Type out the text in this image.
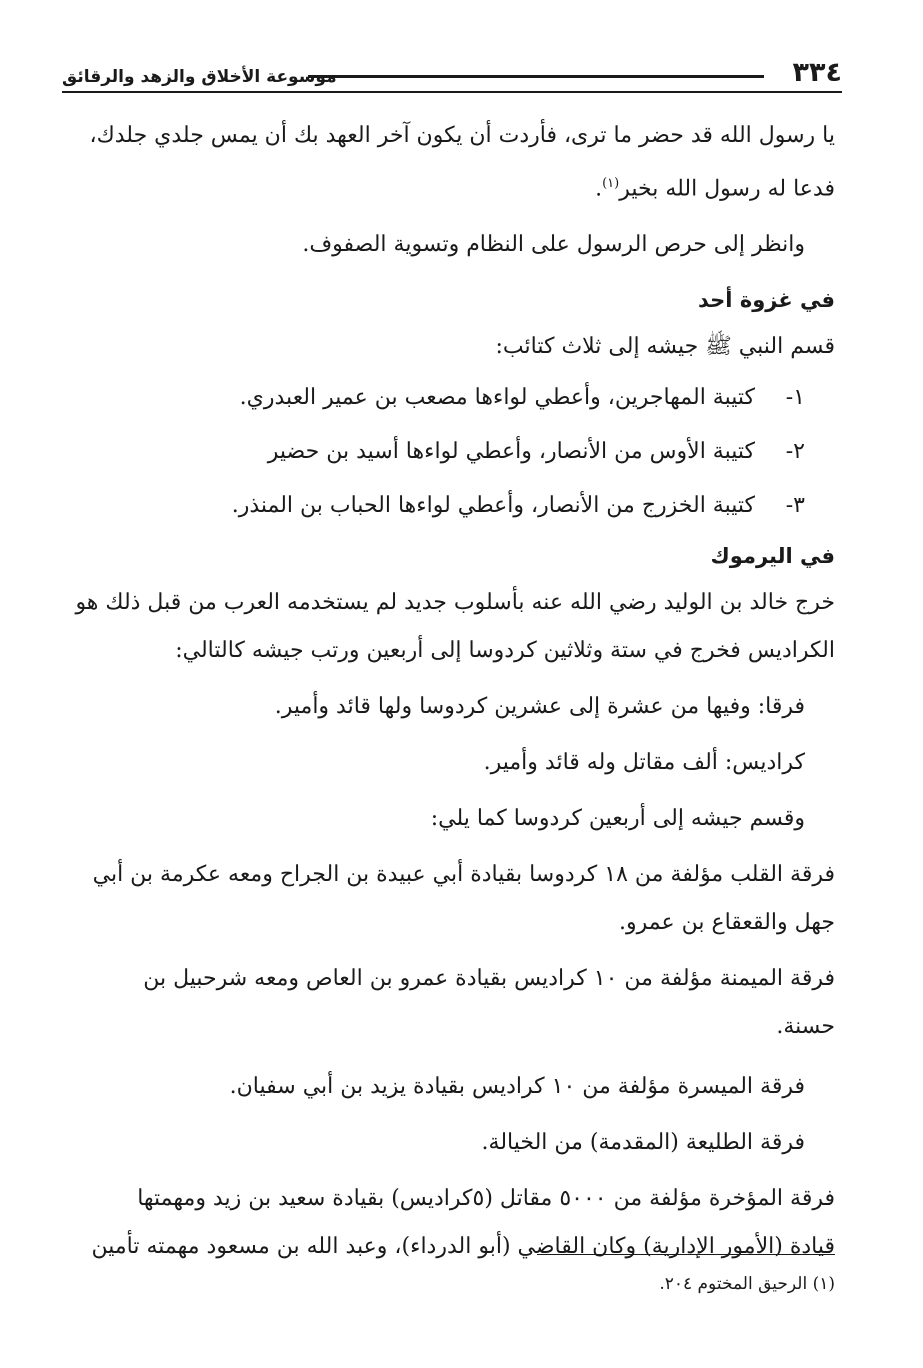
٣٣٤
موسوعة الأخلاق والزهد والرقائق
يا رسول الله قد حضر ما ترى، فأردت أن يكون آخر العهد بك أن يمس جلدي جلدك،
فدعا له رسول الله بخير$^{(١)}$.
وانظر إلى حرص الرسول على النظام وتسوية الصفوف.
في غزوة أحد
قسم النبي ﷺ جيشه إلى ثلاث كتائب:
١-
كتيبة المهاجرين، وأعطي لواءها مصعب بن عمير العبدري.
٢-
كتيبة الأوس من الأنصار، وأعطي لواءها أسيد بن حضير
٣-
كتيبة الخزرج من الأنصار، وأعطي لواءها الحباب بن المنذر.
في اليرموك
خرج خالد بن الوليد رضي الله عنه بأسلوب جديد لم يستخدمه العرب من قبل ذلك هو
الكراديس فخرج في ستة وثلاثين كردوسا إلى أربعين ورتب جيشه كالتالي:
فرقا: وفيها من عشرة إلى عشرين كردوسا ولها قائد وأمير.
كراديس: ألف مقاتل وله قائد وأمير.
وقسم جيشه إلى أربعين كردوسا كما يلي:
فرقة القلب مؤلفة من ١٨ كردوسا بقيادة أبي عبيدة بن الجراح ومعه عكرمة بن أبي
جهل والقعقاع بن عمرو.
فرقة الميمنة مؤلفة من ١٠ كراديس بقيادة عمرو بن العاص ومعه شرحبيل بن
حسنة.
فرقة الميسرة مؤلفة من ١٠ كراديس بقيادة يزيد بن أبي سفيان.
فرقة الطليعة (المقدمة) من الخيالة.
فرقة المؤخرة مؤلفة من ٥٠٠٠ مقاتل (٥كراديس) بقيادة سعيد بن زيد ومهمتها
قيادة (الأمور الإدارية) وكان القاضي (أبو الدرداء)، وعبد الله بن مسعود مهمته تأمين
(١) الرحيق المختوم ٢٠٤.
